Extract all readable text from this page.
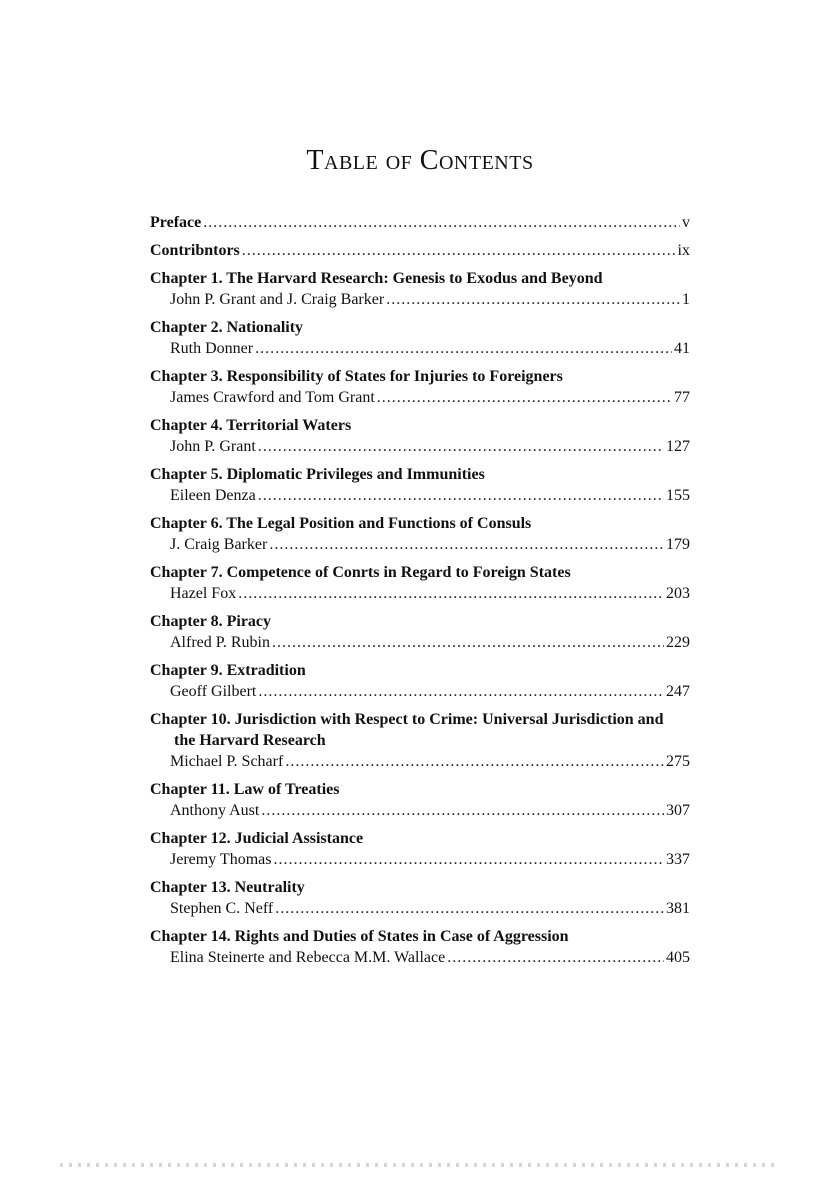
Table of Contents
Preface .....	v
Contribntors .....	ix
Chapter 1. The Harvard Research: Genesis to Exodus and Beyond
John P. Grant and J. Craig Barker .....	1
Chapter 2. Nationality
Ruth Donner .....	41
Chapter 3. Responsibility of States for Injuries to Foreigners
James Crawford and Tom Grant .....	77
Chapter 4. Territorial Waters
John P. Grant .....	127
Chapter 5. Diplomatic Privileges and Immunities
Eileen Denza .....	155
Chapter 6. The Legal Position and Functions of Consuls
J. Craig Barker .....	179
Chapter 7. Competence of Conrts in Regard to Foreign States
Hazel Fox .....	203
Chapter 8. Piracy
Alfred P. Rubin .....	229
Chapter 9. Extradition
Geoff Gilbert .....	247
Chapter 10. Jurisdiction with Respect to Crime: Universal Jurisdiction and the Harvard Research
Michael P. Scharf .....	275
Chapter 11. Law of Treaties
Anthony Aust .....	307
Chapter 12. Judicial Assistance
Jeremy Thomas .....	337
Chapter 13. Neutrality
Stephen C. Neff .....	381
Chapter 14. Rights and Duties of States in Case of Aggression
Elina Steinerte and Rebecca M.M. Wallace .....	405
